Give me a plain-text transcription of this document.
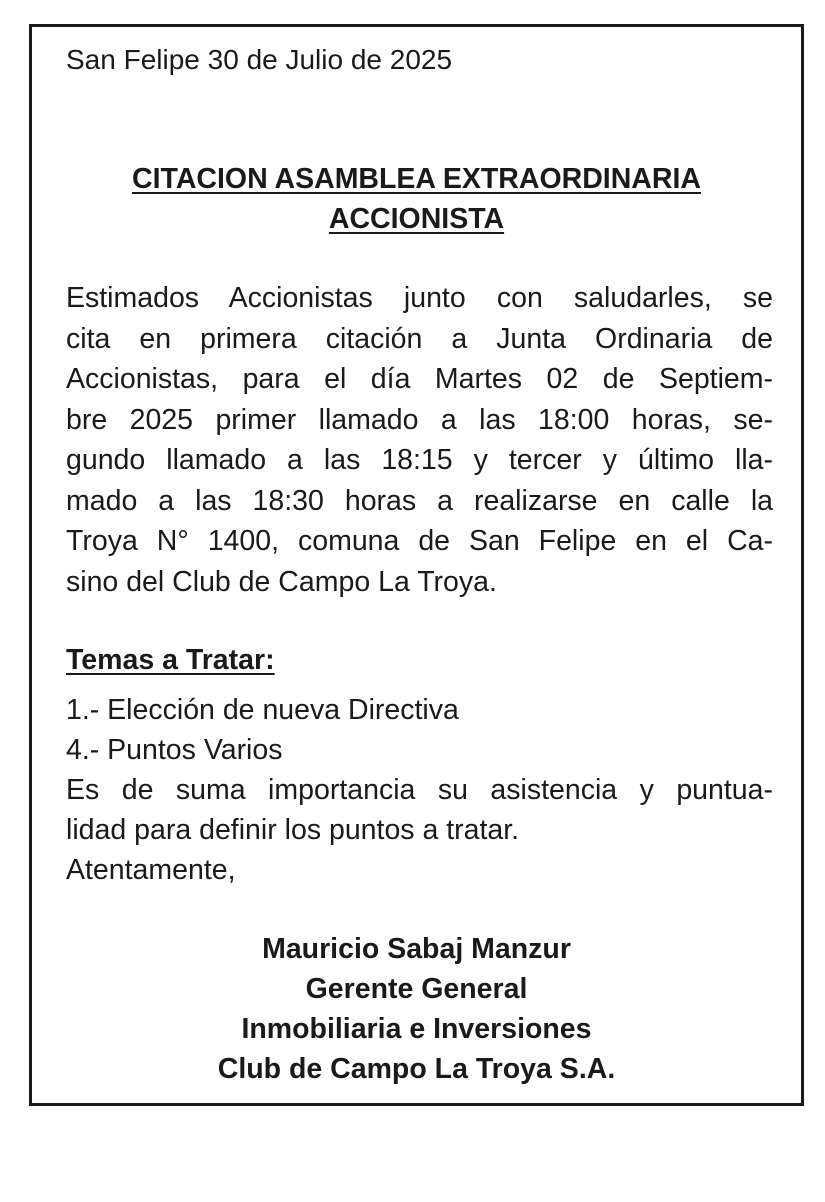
San Felipe 30 de Julio de 2025
CITACION ASAMBLEA EXTRAORDINARIA
ACCIONISTA
Estimados Accionistas junto con saludarles, se
cita en primera citación a Junta Ordinaria de
Accionistas, para el día Martes 02 de Septiem-
bre 2025 primer llamado a las 18:00 horas, se-
gundo llamado a las 18:15 y tercer y último lla-
mado a las 18:30 horas a realizarse en calle la
Troya N° 1400, comuna de San Felipe en el Ca-
sino del Club de Campo La Troya.
Temas a Tratar:
1.- Elección de nueva Directiva
4.- Puntos Varios
Es de suma importancia su asistencia y puntua-
lidad para definir los puntos a tratar.
Atentamente,
Mauricio Sabaj Manzur
Gerente General
Inmobiliaria e Inversiones
Club de Campo La Troya S.A.
